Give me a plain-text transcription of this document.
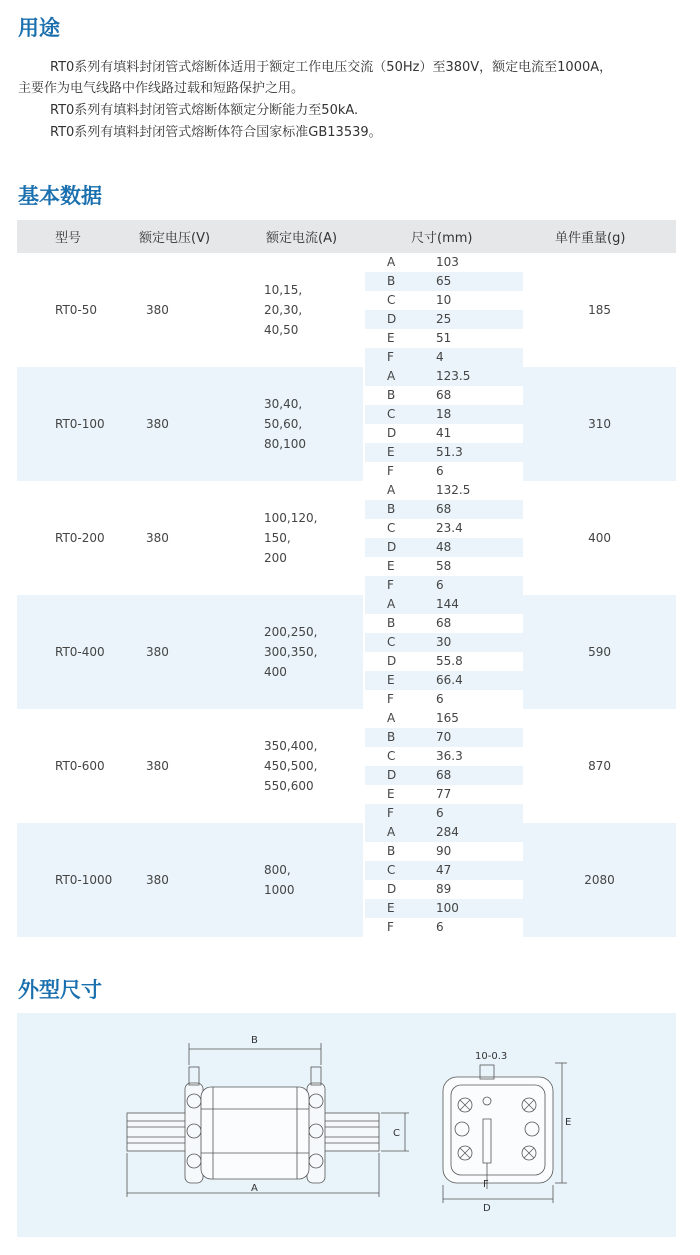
用途
RT0系列有填料封闭管式熔断体适用于额定工作电压交流（50Hz）至380V，额定电流至1000A，
主要作为电气线路中作线路过载和短路保护之用。
RT0系列有填料封闭管式熔断体额定分断能力至50kA.
RT0系列有填料封闭管式熔断体符合国家标准GB13539。
基本数据
型号	额定电压(V)	额定电流(A)	尺寸(mm)		单件重量(g)
RT0-50	380	10,15,
20,30,
40,50	A	103	185
			B	65	
			C	10	
			D	25	
			E	51	
			F	4	
RT0-100	380	30,40,
50,60,
80,100	A	123.5	310
			B	68	
			C	18	
			D	41	
			E	51.3	
			F	6	
RT0-200	380	100,120,
150,
200	A	132.5	400
			B	68	
			C	23.4	
			D	48	
			E	58	
			F	6	
RT0-400	380	200,250,
300,350,
400	A	144	590
			B	68	
			C	30	
			D	55.8	
			E	66.4	
			F	6	
RT0-600	380	350,400,
450,500,
550,600	A	165	870
			B	70	
			C	36.3	
			D	68	
			E	77	
			F	6	
RT0-1000	380	800,
1000	A	284	2080
			B	90	
			C	47	
			D	89	
			E	100	
			F	6	
外型尺寸
B
A
C
E
D
F
10-0.3
